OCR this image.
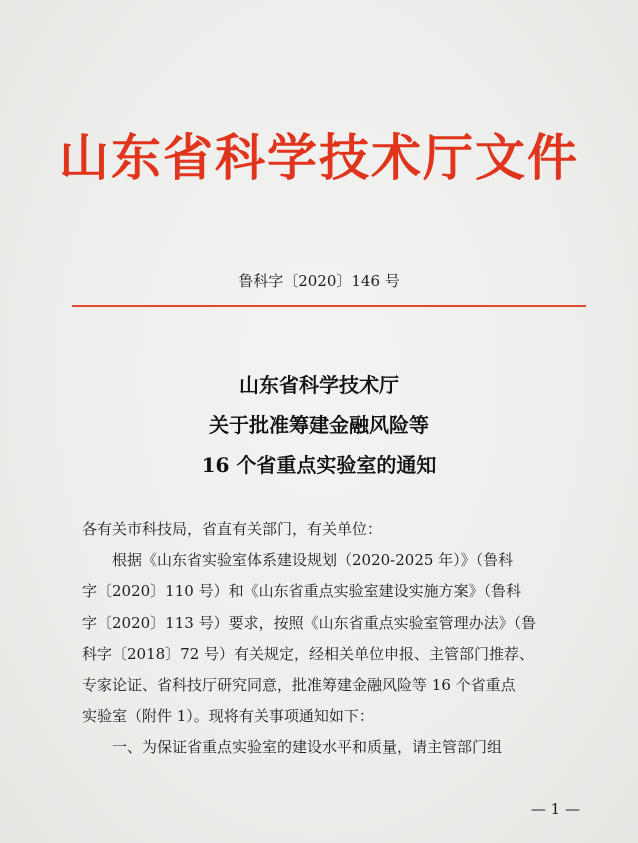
山东省科学技术厅文件
鲁科字〔2020〕146 号
山东省科学技术厅
关于批准筹建金融风险等
16 个省重点实验室的通知
各有关市科技局，省直有关部门，有关单位：
根据《山东省实验室体系建设规划（2020-2025 年）》（鲁科
字〔2020〕110 号）和《山东省重点实验室建设实施方案》（鲁科
字〔2020〕113 号）要求，按照《山东省重点实验室管理办法》（鲁
科字〔2018〕72 号）有关规定，经相关单位申报、主管部门推荐、
专家论证、省科技厅研究同意，批准筹建金融风险等 16 个省重点
实验室（附件 1）。现将有关事项通知如下：
一、为保证省重点实验室的建设水平和质量，请主管部门组
— 1 —
